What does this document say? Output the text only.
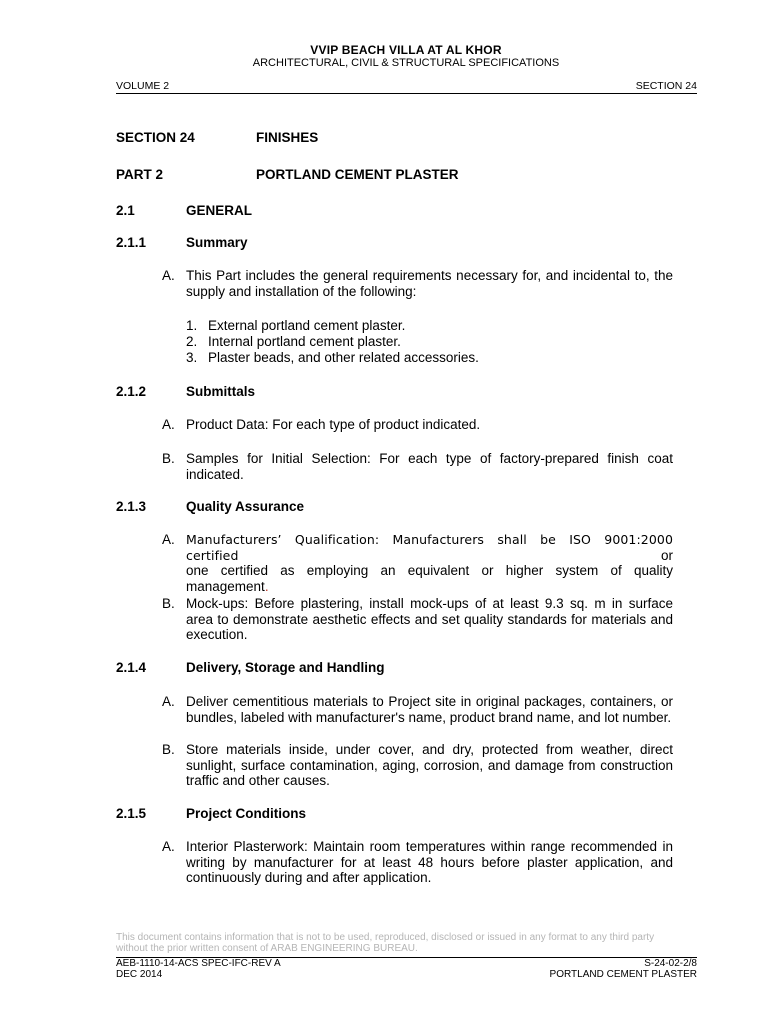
VVIP BEACH VILLA AT AL KHOR
ARCHITECTURAL, CIVIL & STRUCTURAL SPECIFICATIONS
VOLUME 2	SECTION 24
SECTION 24	FINISHES
PART 2	PORTLAND CEMENT PLASTER
2.1	GENERAL
2.1.1	Summary
A. This Part includes the general requirements necessary for, and incidental to, the
supply and installation of the following:
1. External portland cement plaster.
2. Internal portland cement plaster.
3. Plaster beads, and other related accessories.
2.1.2	Submittals
A. Product Data: For each type of product indicated.
B. Samples for Initial Selection: For each type of factory-prepared finish coat
indicated.
2.1.3	Quality Assurance
A. Manufacturers’ Qualification: Manufacturers shall be ISO 9001:2000 certified or
one certified as employing an equivalent or higher system of quality
management.
B. Mock-ups: Before plastering, install mock-ups of at least 9.3 sq. m in surface
area to demonstrate aesthetic effects and set quality standards for materials and
execution.
2.1.4	Delivery, Storage and Handling
A. Deliver cementitious materials to Project site in original packages, containers, or
bundles, labeled with manufacturer's name, product brand name, and lot number.
B. Store materials inside, under cover, and dry, protected from weather, direct
sunlight, surface contamination, aging, corrosion, and damage from construction
traffic and other causes.
2.1.5	Project Conditions
A. Interior Plasterwork: Maintain room temperatures within range recommended in
writing by manufacturer for at least 48 hours before plaster application, and
continuously during and after application.
This document contains information that is not to be used, reproduced, disclosed or issued in any format to any third party
without the prior written consent of ARAB ENGINEERING BUREAU.
AEB-1110-14-ACS SPEC-IFC-REV A
DEC 2014
S-24-02-2/8
PORTLAND CEMENT PLASTER
